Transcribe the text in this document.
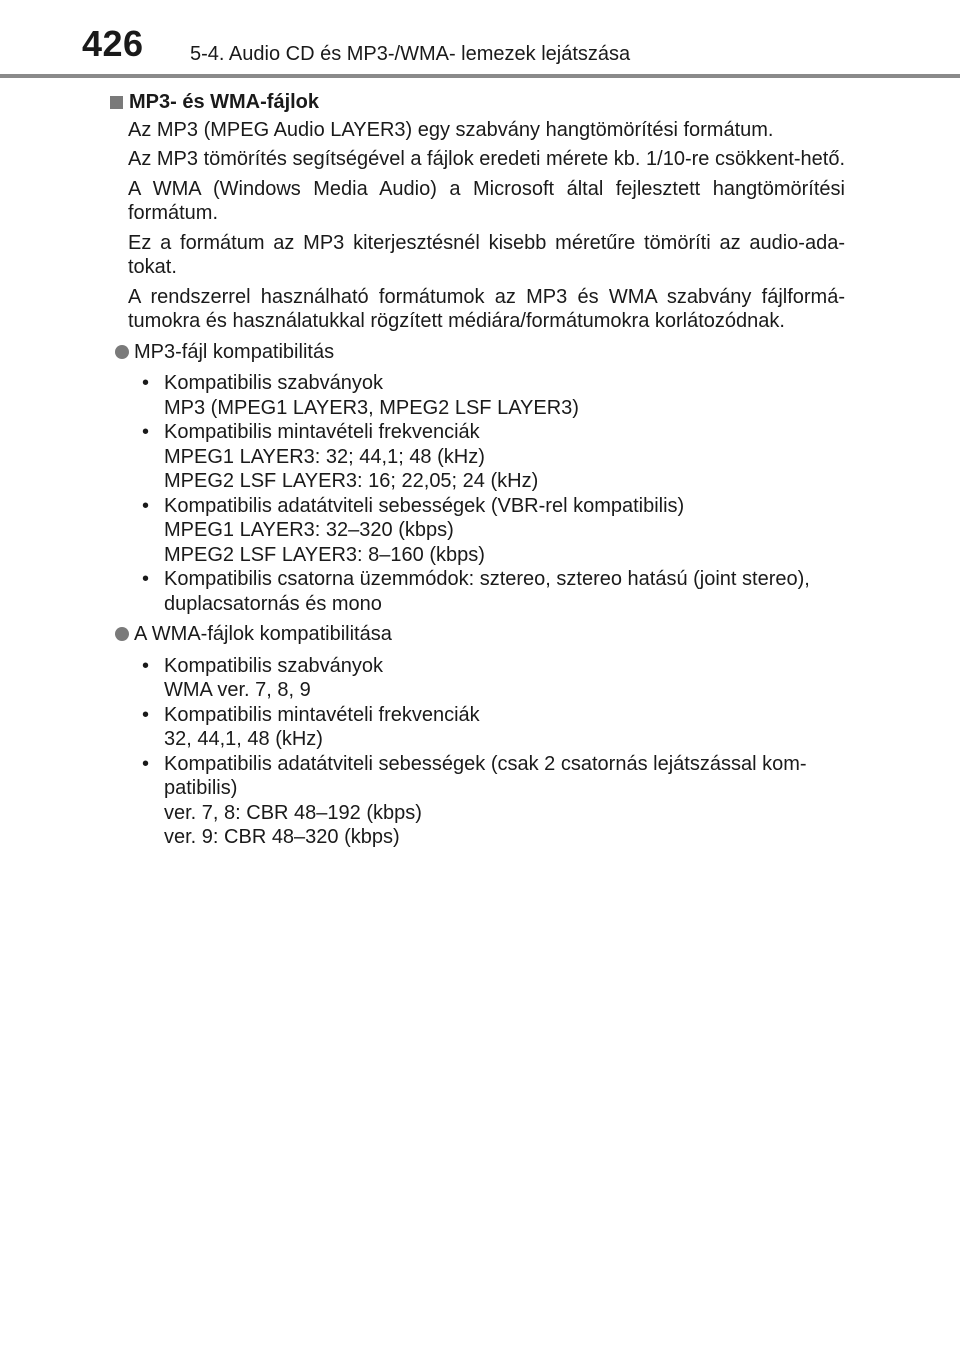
426 5-4. Audio CD és MP3-/WMA- lemezek lejátszása
MP3- és WMA-fájlok
Az MP3 (MPEG Audio LAYER3) egy szabvány hangtömörítési formátum.
Az MP3 tömörítés segítségével a fájlok eredeti mérete kb. 1/10-re csökkent-hető.
A WMA (Windows Media Audio) a Microsoft által fejlesztett hangtömörítési formátum.
Ez a formátum az MP3 kiterjesztésnél kisebb méretűre tömöríti az audio-ada-tokat.
A rendszerrel használható formátumok az MP3 és WMA szabvány fájlformá-tumokra és használatukkal rögzített médiára/formátumokra korlátozódnak.
MP3-fájl kompatibilitás
• Kompatibilis szabványok
MP3 (MPEG1 LAYER3, MPEG2 LSF LAYER3)
• Kompatibilis mintavételi frekvenciák
MPEG1 LAYER3: 32; 44,1; 48 (kHz)
MPEG2 LSF LAYER3: 16; 22,05; 24 (kHz)
• Kompatibilis adatátviteli sebességek (VBR-rel kompatibilis)
MPEG1 LAYER3: 32–320 (kbps)
MPEG2 LSF LAYER3: 8–160 (kbps)
• Kompatibilis csatorna üzemmódok: sztereo, sztereo hatású (joint stereo), duplacsatornás és mono
A WMA-fájlok kompatibilitása
• Kompatibilis szabványok
WMA ver. 7, 8, 9
• Kompatibilis mintavételi frekvenciák
32, 44,1, 48 (kHz)
• Kompatibilis adatátviteli sebességek (csak 2 csatornás lejátszással kom-patibilis)
ver. 7, 8: CBR 48–192 (kbps)
ver. 9: CBR 48–320 (kbps)
